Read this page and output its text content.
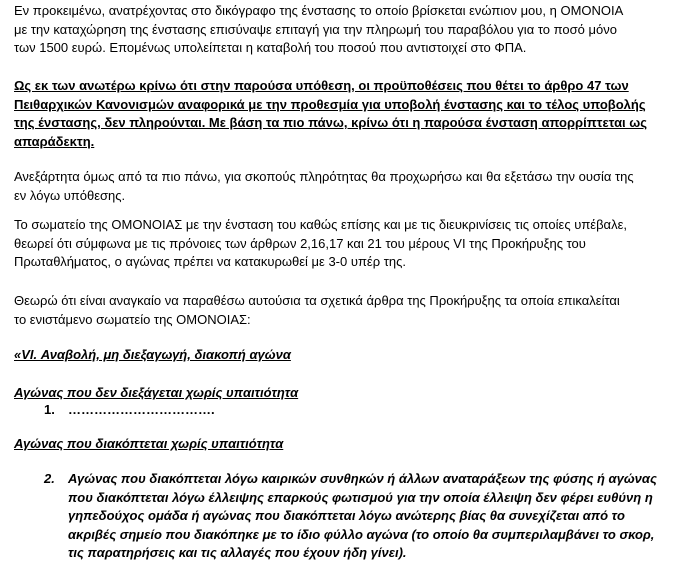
Εν προκειμένω, ανατρέχοντας στο δικόγραφο της ένστασης το οποίο βρίσκεται ενώπιον μου, η ΟΜΟΝΟΙΑ
με την καταχώρηση της ένστασης επισύναψε επιταγή για την πληρωμή του παραβόλου για το ποσό μόνο
των 1500 ευρώ. Επομένως υπολείπεται η καταβολή του ποσού που αντιστοιχεί στο ΦΠΑ.

Ως εκ των ανωτέρω κρίνω ότι στην παρούσα υπόθεση, οι προϋποθέσεις που θέτει το άρθρο 47 των
Πειθαρχικών Κανονισμών αναφορικά με την προθεσμία για υποβολή ένστασης και το τέλος υποβολής
της ένστασης, δεν πληρούνται. Με βάση τα πιο πάνω, κρίνω ότι η παρούσα ένσταση απορρίπτεται ως
απαράδεκτη.

Ανεξάρτητα όμως από τα πιο πάνω, για σκοπούς πληρότητας θα προχωρήσω και θα εξετάσω την ουσία της
εν λόγω υπόθεσης.

Το σωματείο της ΟΜΟΝΟΙΑΣ με την ένσταση του καθώς επίσης και με τις διευκρινίσεις τις οποίες υπέβαλε,
θεωρεί ότι σύμφωνα με τις πρόνοιες των άρθρων 2,16,17 και 21 του μέρους VI της Προκήρυξης του
Πρωταθλήματος, ο αγώνας πρέπει να κατακυρωθεί με 3-0 υπέρ της.

Θεωρώ ότι είναι αναγκαίο να παραθέσω αυτούσια τα σχετικά άρθρα της Προκήρυξης τα οποία επικαλείται
το ενιστάμενο σωματείο της ΟΜΟΝΟΙΑΣ:

«VI. Αναβολή, μη διεξαγωγή, διακοπή αγώνα
Αγώνας που δεν διεξάγεται χωρίς υπαιτιότητα
1. …………………………….
Αγώνας που διακόπτεται χωρίς υπαιτιότητα
2. Αγώνας που διακόπτεται λόγω καιρικών συνθηκών ή άλλων αναταράξεων της φύσης ή αγώνας
που διακόπτεται λόγω έλλειψης επαρκούς φωτισμού για την οποία έλλειψη δεν φέρει ευθύνη η
γηπεδούχος ομάδα ή αγώνας που διακόπτεται λόγω ανώτερης βίας θα συνεχίζεται από το
ακριβές σημείο που διακόπηκε με το ίδιο φύλλο αγώνα (το οποίο θα συμπεριλαμβάνει το σκορ,
τις παρατηρήσεις και τις αλλαγές που έχουν ήδη γίνει).
